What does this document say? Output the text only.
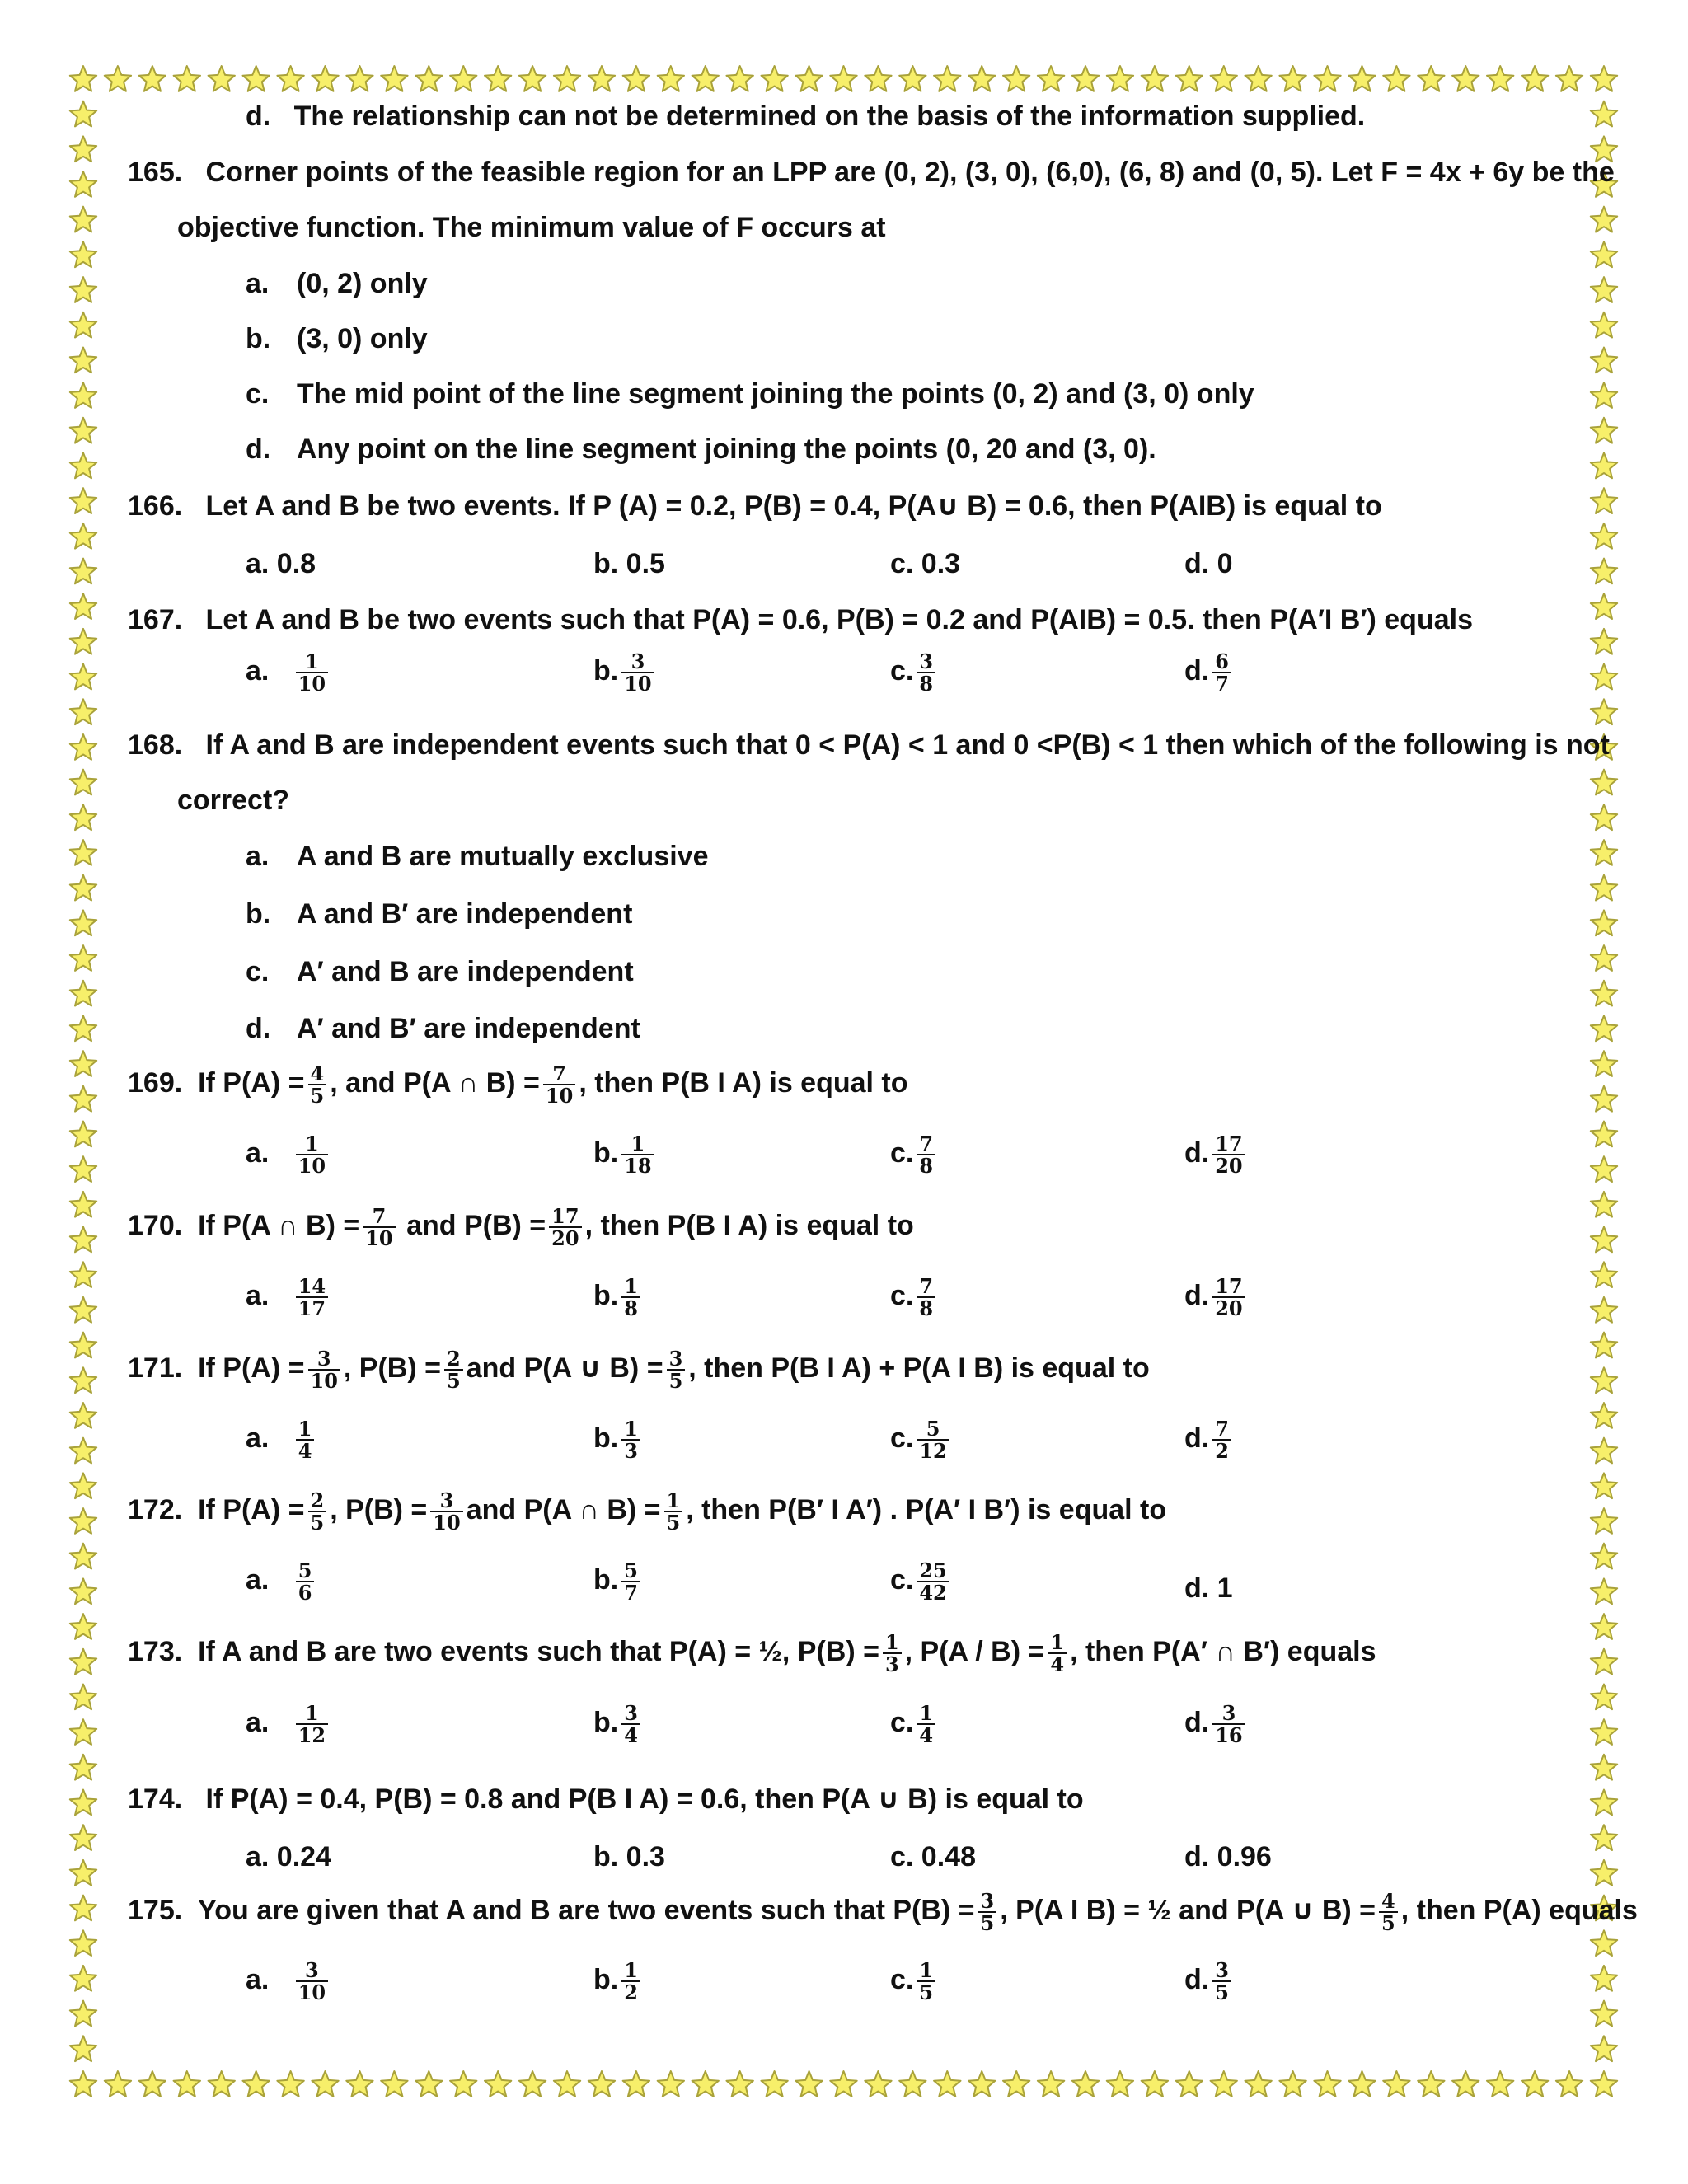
d. The relationship can not be determined on the basis of the information supplied.
165. Corner points of the feasible region for an LPP are (0, 2), (3, 0), (6,0), (6, 8) and (0, 5). Let F = 4x + 6y be the
objective function. The minimum value of F occurs at
a. (0, 2) only
b. (3, 0) only
c. The mid point of the line segment joining the points (0, 2) and (3, 0) only
d. Any point on the line segment joining the points (0, 20 and (3, 0).
166. Let A and B be two events. If P (A) = 0.2, P(B) = 0.4, P(A∪ B) = 0.6, then P(AIB) is equal to
a. 0.8	b. 0.5	c. 0.3	d. 0
167. Let A and B be two events such that P(A) = 0.6, P(B) = 0.2 and P(AIB) = 0.5. then P(A′I B′) equals
a. $\frac{1}{10}$	b. $\frac{3}{10}$	c. $\frac{3}{8}$	d. $\frac{6}{7}$
168. If A and B are independent events such that 0 < P(A) < 1 and 0 <P(B) < 1 then which of the following is not
correct?
a. A and B are mutually exclusive
b. A and B′ are independent
c. A′ and B are independent
d. A′ and B′ are independent
169. If $P(A) = \frac{4}{5}$ , and P(A ∩ $B) = \frac{7}{10}$ , then P(B I A) is equal to
a. $\frac{1}{10}$	b. $\frac{1}{18}$	c. $\frac{7}{8}$	d. $\frac{17}{20}$
170. If P(A ∩ $B) = \frac{7}{10}$ and $P(B) = \frac{17}{20}$ , then P(B I A) is equal to
a. $\frac{14}{17}$	b. $\frac{1}{8}$	c. $\frac{7}{8}$	d. $\frac{17}{20}$
171. If $P(A) = \frac{3}{10}$ , $P(B) = \frac{2}{5}$ and P(A ∪ $B) = \frac{3}{5}$ , then P(B I A) + P(A I B) is equal to
a. $\frac{1}{4}$	b. $\frac{1}{3}$	c. $\frac{5}{12}$	d. $\frac{7}{2}$
172. If $P(A) = \frac{2}{5}$ , $P(B) = \frac{3}{10}$ and P(A ∩ $B) = \frac{1}{5}$ , then P(B′ I A′) . P(A′ I B′) is equal to
a. $\frac{5}{6}$	b. $\frac{5}{7}$	c. $\frac{25}{42}$	d. 1
173. If A and B are two events such that P(A) = ½, $P(B) = \frac{1}{3}$ , $P(A / B) = \frac{1}{4}$ , then P(A′ ∩ B′) equals
a. $\frac{1}{12}$	b. $\frac{3}{4}$	c. $\frac{1}{4}$	d. $\frac{3}{16}$
174. If P(A) = 0.4, P(B) = 0.8 and P(B I A) = 0.6, then P(A ∪ B) is equal to
a. 0.24	b. 0.3	c. 0.48	d. 0.96
175. You are given that A and B are two events such that $P(B) = \frac{3}{5}$ , P(A I B) = ½ and P(A ∪ $B) = \frac{4}{5}$ , then P(A) equals
a. $\frac{3}{10}$	b. $\frac{1}{2}$	c. $\frac{1}{5}$	d. $\frac{3}{5}$
